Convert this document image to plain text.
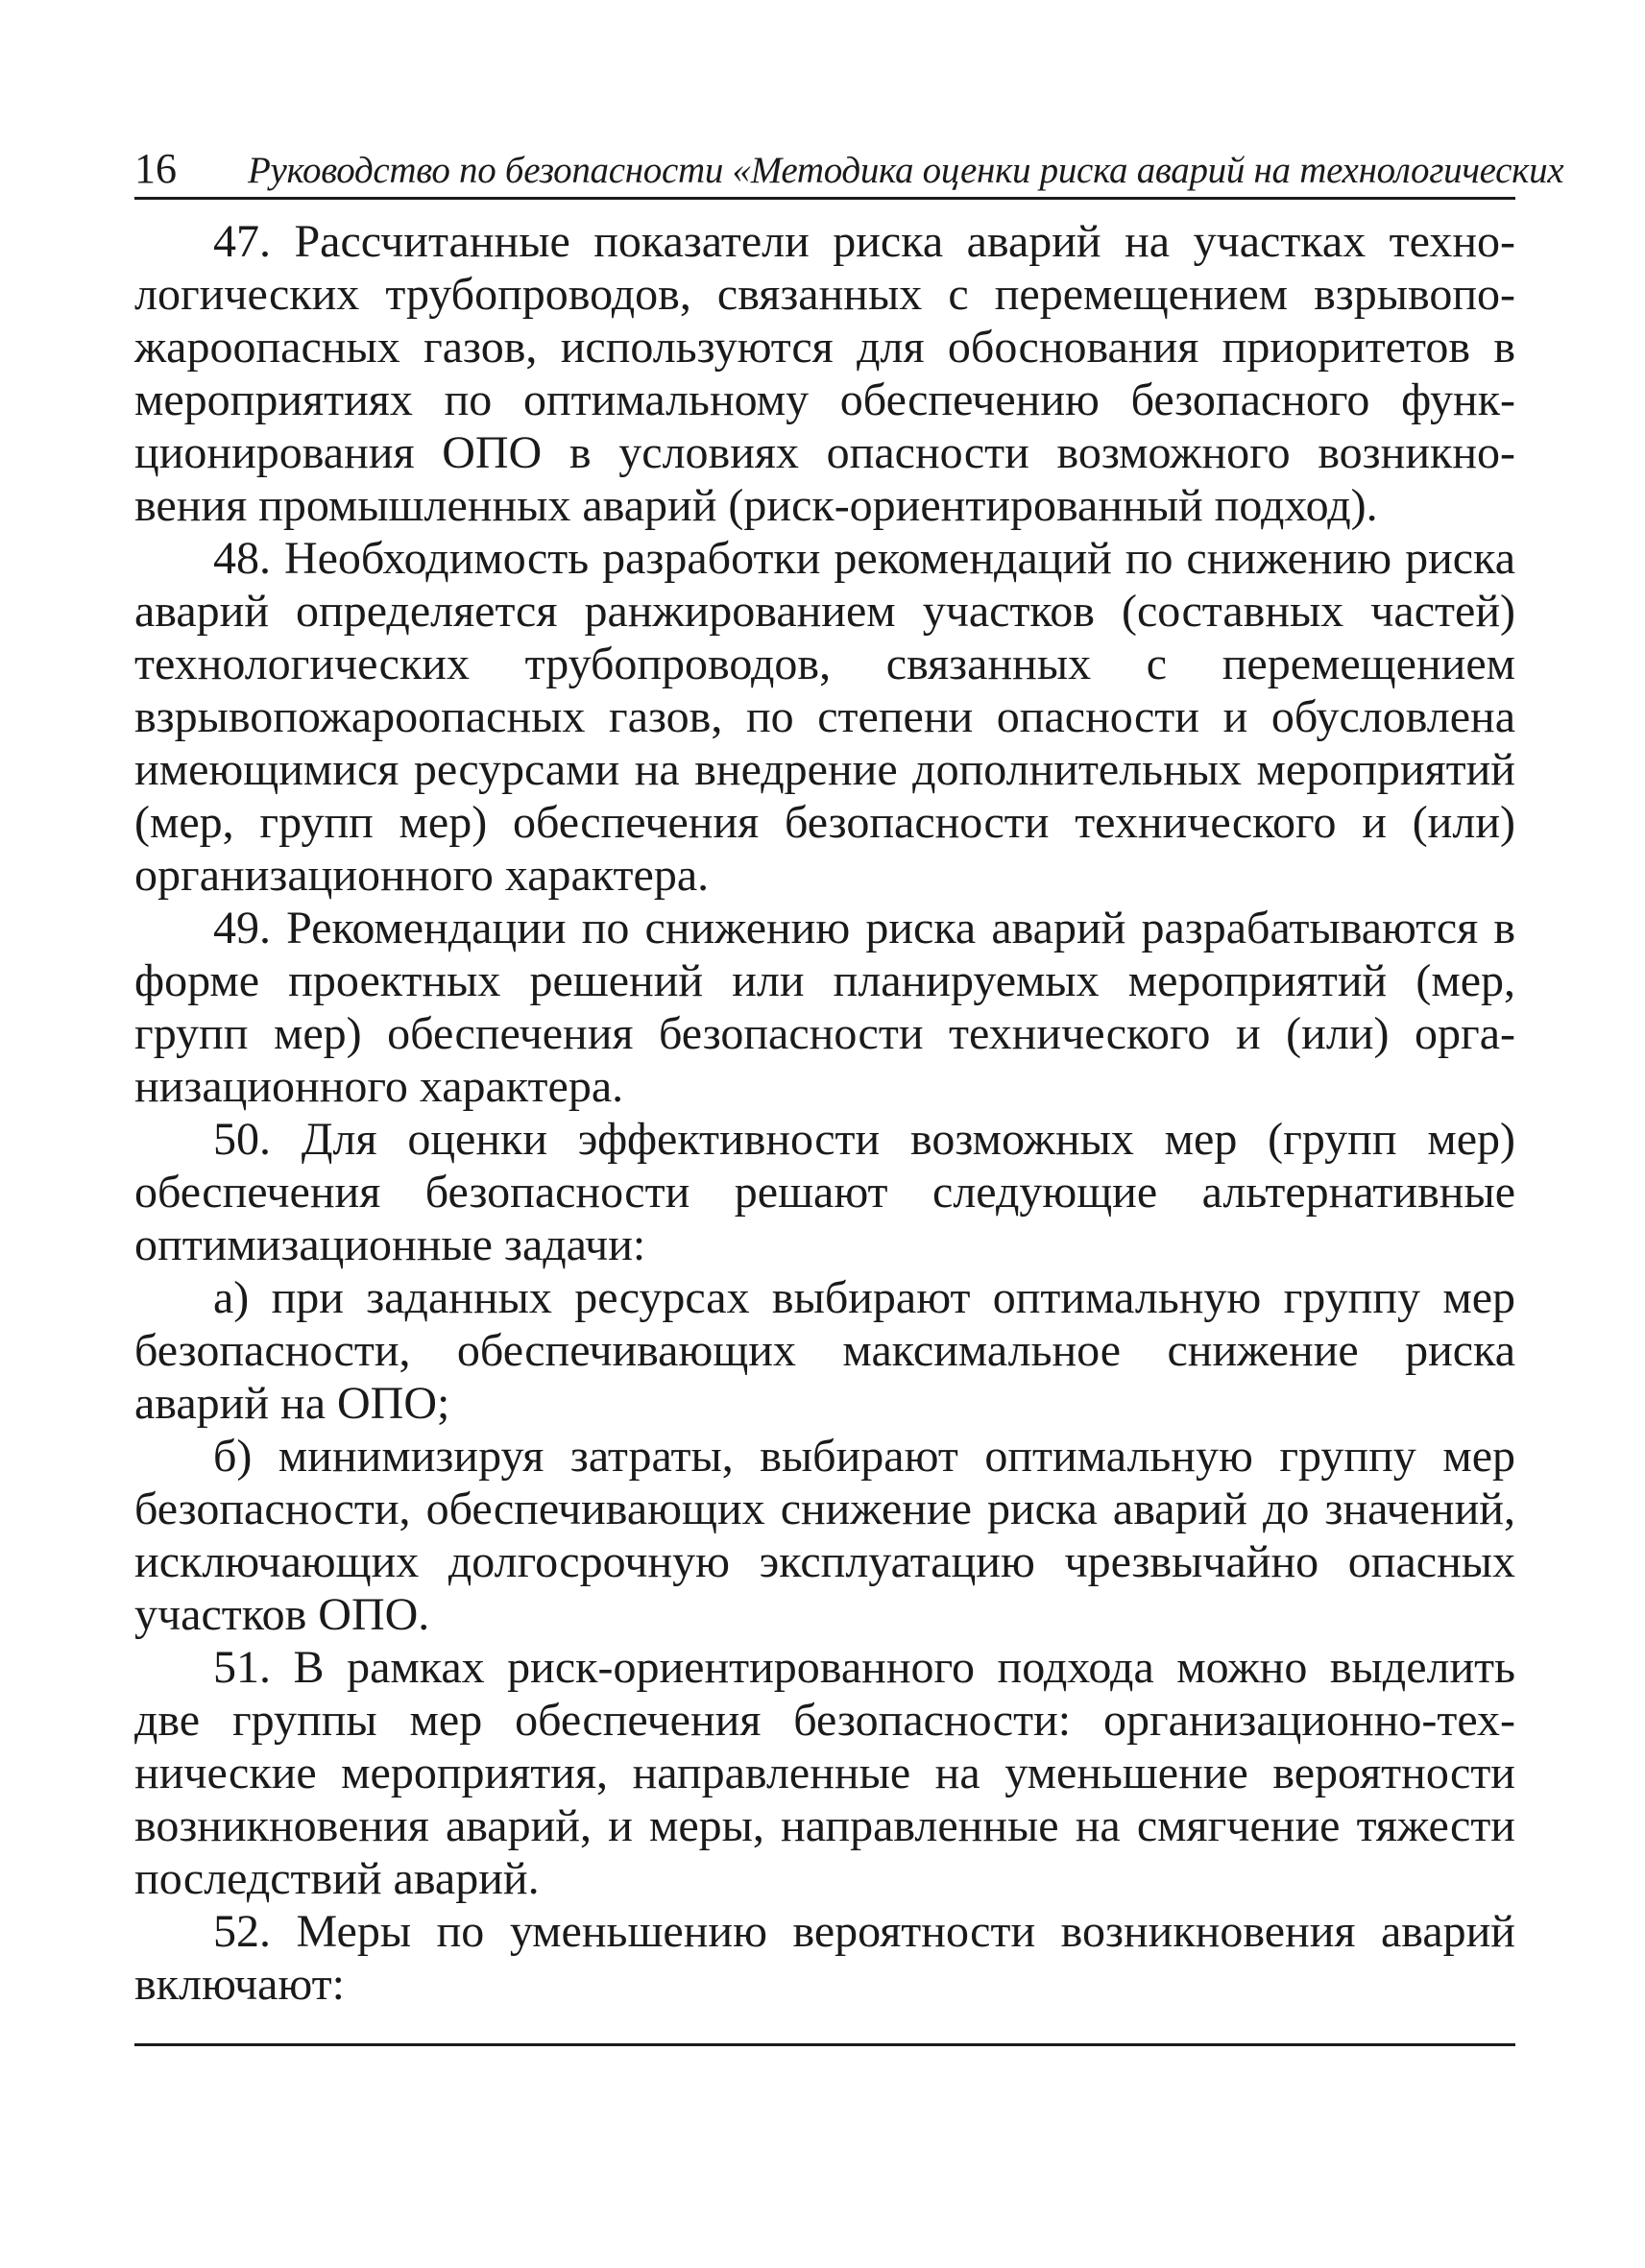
16	Руководство по безопасности «Методика оценки риска аварий на технологических

47. Рассчитанные показатели риска аварий на участках технологических трубопроводов, связанных с перемещением взрывопожароопасных газов, используются для обоснования приоритетов в мероприятиях по оптимальному обеспечению безопасного функционирования ОПО в условиях опасности возможного возникновения промышленных аварий (риск-ориентированный подход).

48. Необходимость разработки рекомендаций по снижению риска аварий определяется ранжированием участков (составных частей) технологических трубопроводов, связанных с перемещением взрывопожароопасных газов, по степени опасности и обусловлена имеющимися ресурсами на внедрение дополнительных мероприятий (мер, групп мер) обеспечения безопасности технического и (или) организационного характера.

49. Рекомендации по снижению риска аварий разрабатываются в форме проектных решений или планируемых мероприятий (мер, групп мер) обеспечения безопасности технического и (или) организационного характера.

50. Для оценки эффективности возможных мер (групп мер) обеспечения безопасности решают следующие альтернативные оптимизационные задачи:

а) при заданных ресурсах выбирают оптимальную группу мер безопасности, обеспечивающих максимальное снижение риска аварий на ОПО;

б) минимизируя затраты, выбирают оптимальную группу мер безопасности, обеспечивающих снижение риска аварий до значений, исключающих долгосрочную эксплуатацию чрезвычайно опасных участков ОПО.

51. В рамках риск-ориентированного подхода можно выделить две группы мер обеспечения безопасности: организационно-технические мероприятия, направленные на уменьшение вероятности возникновения аварий, и меры, направленные на смягчение тяжести последствий аварий.

52. Меры по уменьшению вероятности возникновения аварий включают:
